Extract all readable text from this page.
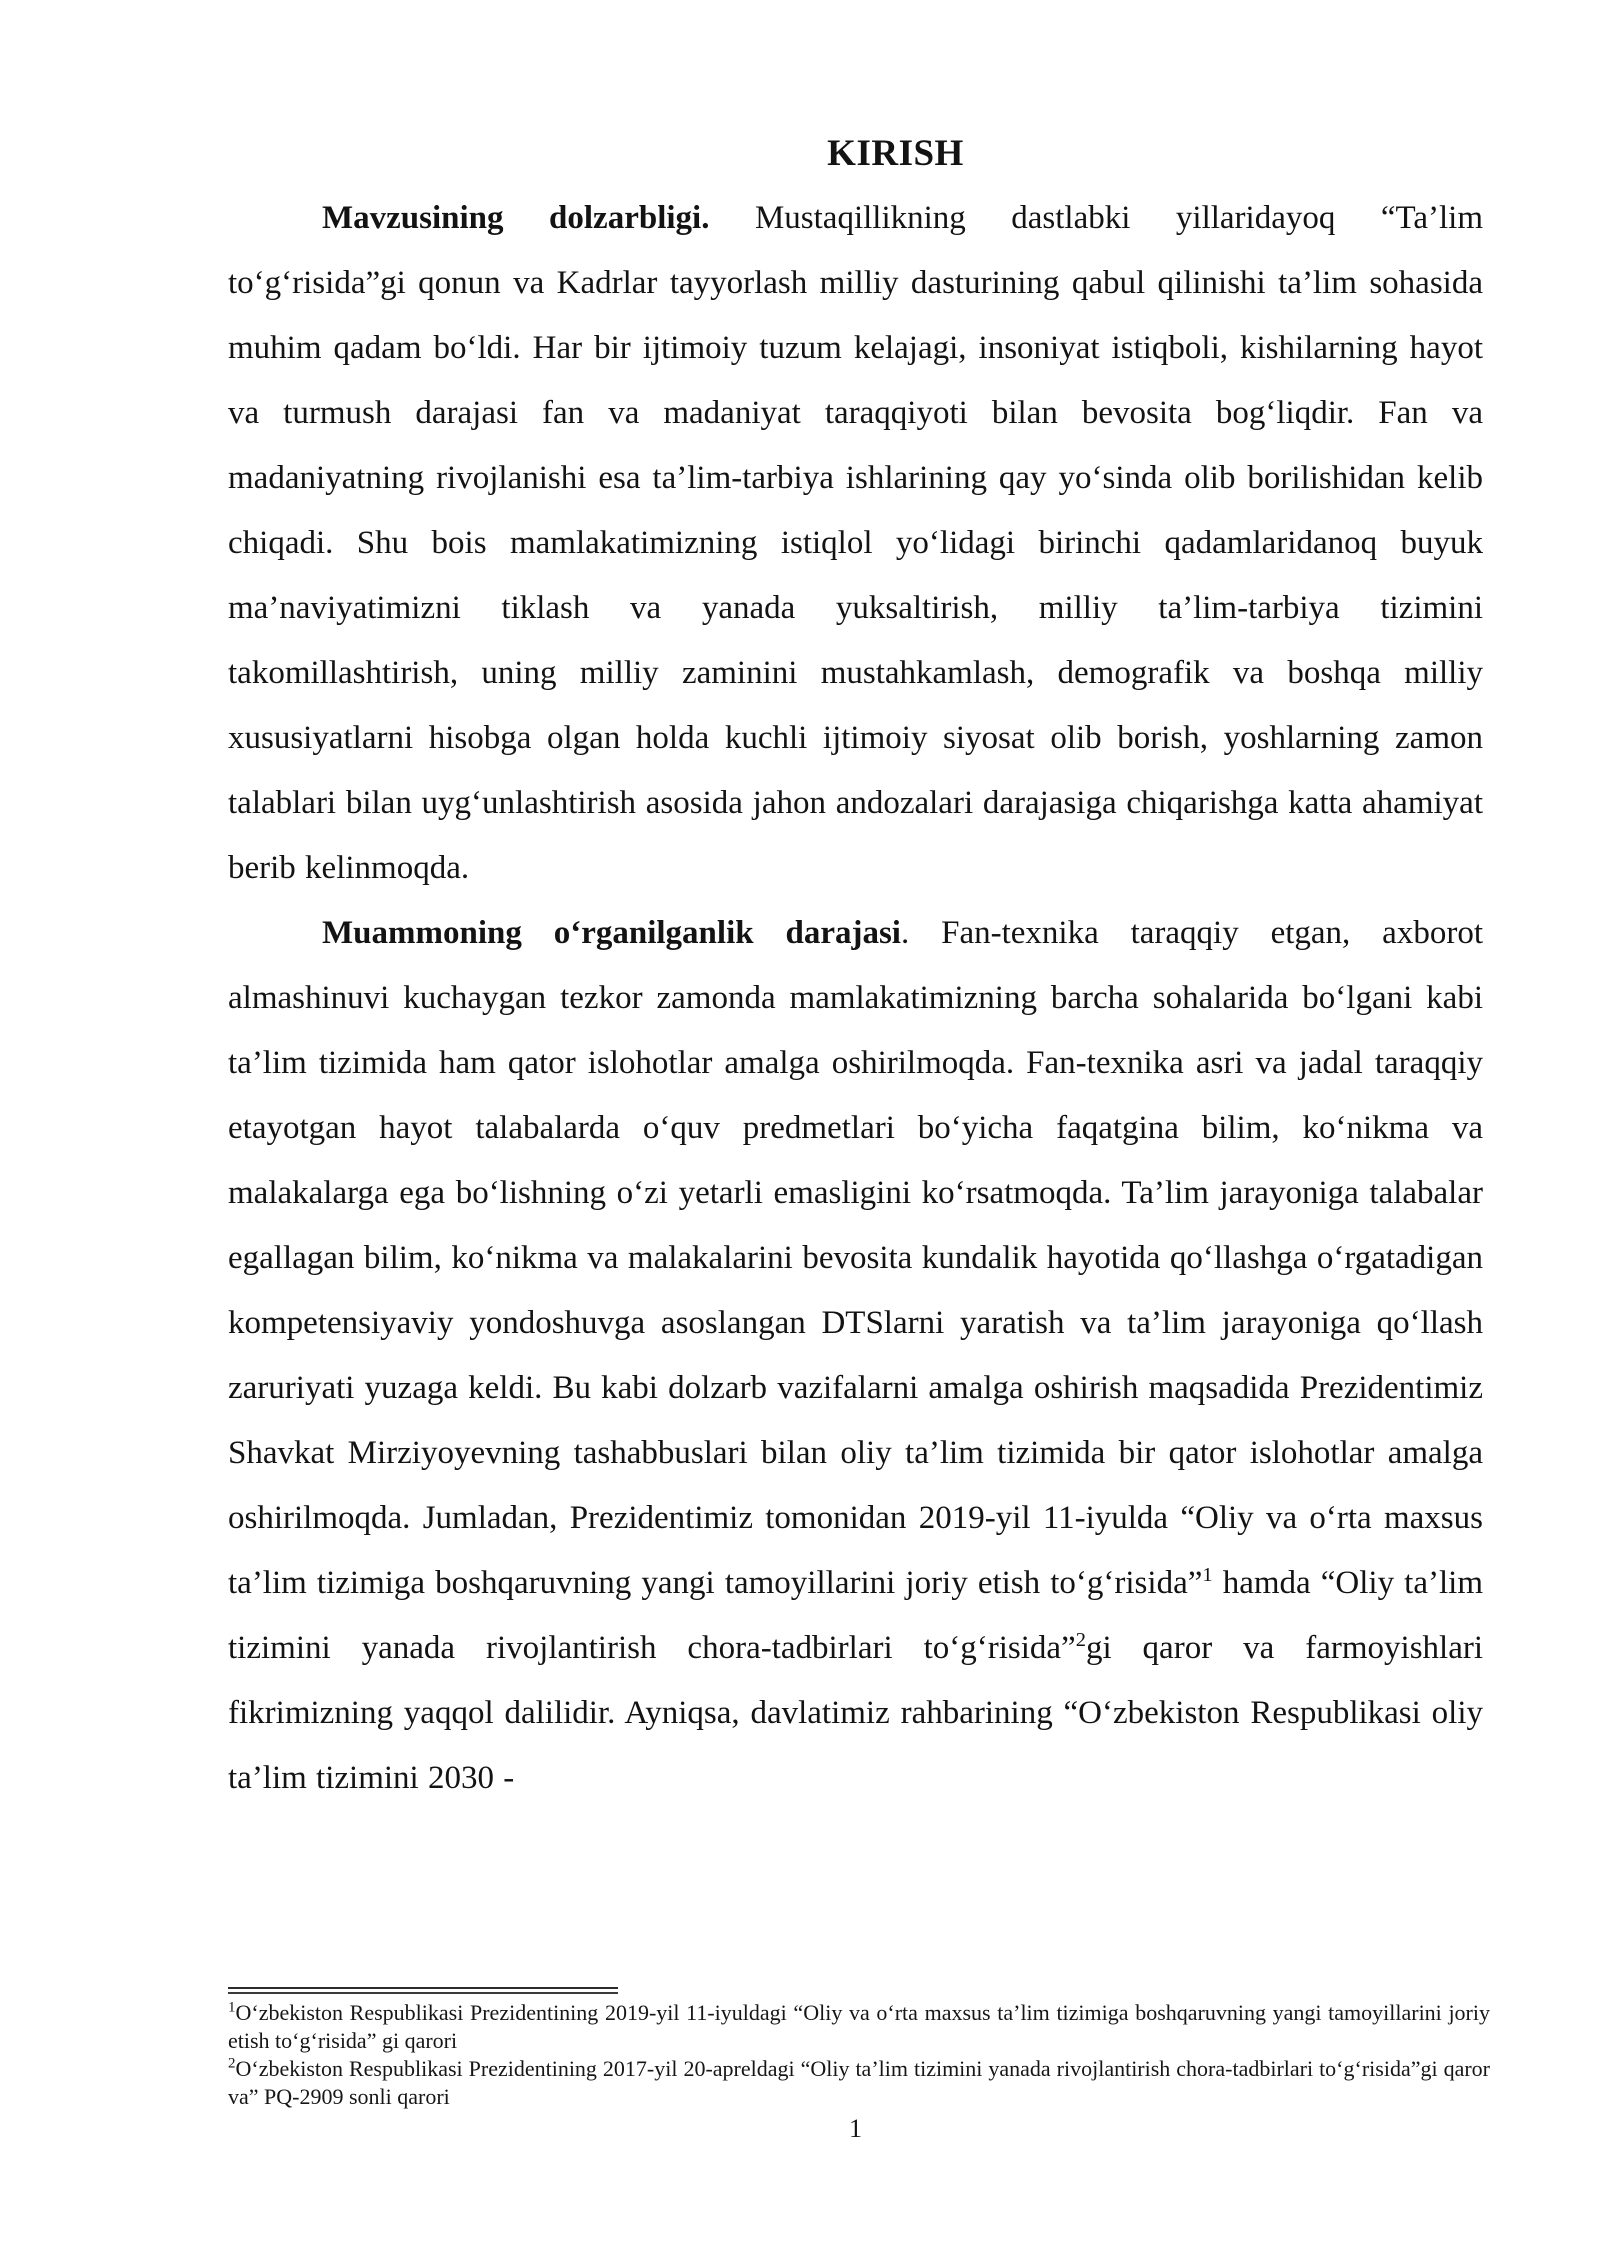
KIRISH

Mavzusining dolzarbligi. Mustaqillikning dastlabki yillaridayoq “Ta’lim to‘g‘risida”gi qonun va Kadrlar tayyorlash milliy dasturining qabul qilinishi ta’lim sohasida muhim qadam bo‘ldi. Har bir ijtimoiy tuzum kelajagi, insoniyat istiqboli, kishilarning hayot va turmush darajasi fan va madaniyat taraqqiyoti bilan bevosita bog‘liqdir. Fan va madaniyatning rivojlanishi esa ta’lim-tarbiya ishlarining qay yo‘sinda olib borilishidan kelib chiqadi. Shu bois mamlakatimizning istiqlol yo‘lidagi birinchi qadamlaridanoq buyuk ma’naviyatimizni tiklash va yanada yuksaltirish, milliy ta’lim-tarbiya tizimini takomillashtirish, uning milliy zaminini mustahkamlash, demografik va boshqa milliy xususiyatlarni hisobga olgan holda kuchli ijtimoiy siyosat olib borish, yoshlarning zamon talablari bilan uyg‘unlashtirish asosida jahon andozalari darajasiga chiqarishga katta ahamiyat berib kelinmoqda.

Muammoning o‘rganilganlik darajasi. Fan-texnika taraqqiy etgan, axborot almashinuvi kuchaygan tezkor zamonda mamlakatimizning barcha sohalarida bo‘lgani kabi ta’lim tizimida ham qator islohotlar amalga oshirilmoqda. Fan-texnika asri va jadal taraqqiy etayotgan hayot talabalarda o‘quv predmetlari bo‘yicha faqatgina bilim, ko‘nikma va malakalarga ega bo‘lishning o‘zi yetarli emasligini ko‘rsatmoqda. Ta’lim jarayoniga talabalar egallagan bilim, ko‘nikma va malakalarini bevosita kundalik hayotida qo‘llashga o‘rgatadigan kompetensiyaviy yondoshuvga asoslangan DTSlarni yaratish va ta’lim jarayoniga qo‘llash zaruriyati yuzaga keldi. Bu kabi dolzarb vazifalarni amalga oshirish maqsadida Prezidentimiz Shavkat Mirziyoyevning tashabbuslari bilan oliy ta’lim tizimida bir qator islohotlar amalga oshirilmoqda. Jumladan, Prezidentimiz tomonidan 2019-yil 11-iyulda “Oliy va o‘rta maxsus ta’lim tizimiga boshqaruvning yangi tamoyillarini joriy etish to‘g‘risida”$^1$ hamda “Oliy ta’lim tizimini yanada rivojlantirish chora-tadbirlari to‘g‘risida”$^2$gi qaror va farmoyishlari fikrimizning yaqqol dalilidir. Ayniqsa, davlatimiz rahbarining “O‘zbekiston Respublikasi oliy ta’lim tizimini 2030 -

$^1$O‘zbekiston Respublikasi Prezidentining 2019-yil 11-iyuldagi “Oliy va o‘rta maxsus ta’lim tizimiga boshqaruvning yangi tamoyillarini joriy etish to‘g‘risida” gi qarori

$^2$O‘zbekiston Respublikasi Prezidentining 2017-yil 20-apreldagi “Oliy ta’lim tizimini yanada rivojlantirish chora-tadbirlari to‘g‘risida”gi qaror va” PQ-2909 sonli qarori

1
